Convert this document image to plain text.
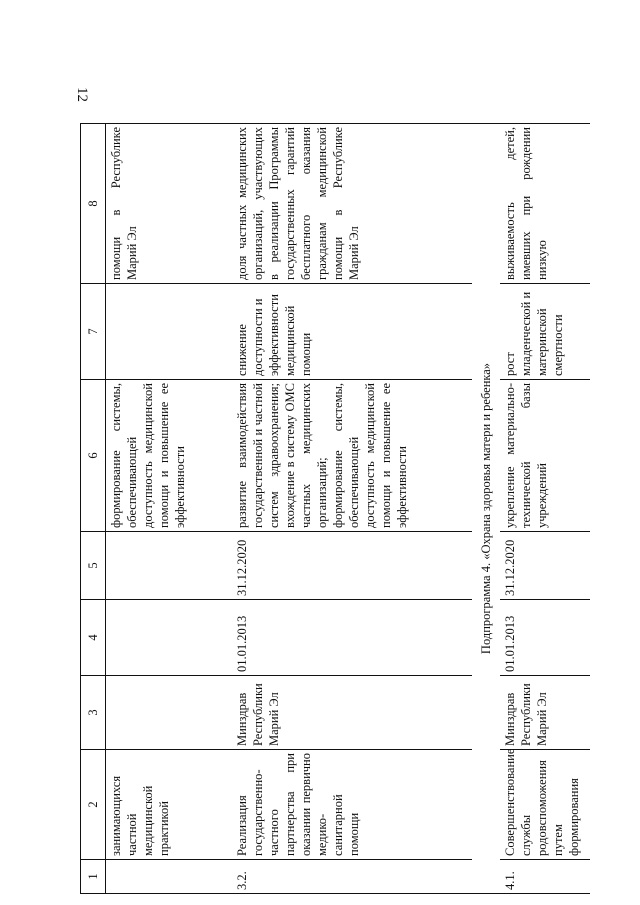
12
1	2	3	4	5	6	7	8
	занимающихся частной медицинской практикой				формирование системы, обеспечивающей доступность медицинской помощи и повышение ее эффективности		помощи в Республике Марий Эл
3.2.	Реализация государственно-частного партнерства при оказании первично медико-санитарной помощи	Минздрав Республики Марий Эл	01.01.2013	31.12.2020	развитие взаимодействия государственной и частной систем здравоохранения; вхождение в систему ОМС частных медицинских организаций; формирование системы, обеспечивающей доступность медицинской помощи и повышение ее эффективности	снижение доступности и эффективности медицинской помощи	доля частных медицинских организаций, участвующих в реализации Программы государственных гарантий бесплатного оказания гражданам медицинской помощи в Республике Марий Эл
Подпрограмма 4. «Охрана здоровья матери и ребенка»							
4.1.	Совершенствование службы родовспоможения путем формирования	Минздрав Республики Марий Эл	01.01.2013	31.12.2020	укрепление материально-технической базы учреждений	рост младенческой и материнской смертности	выживаемость детей, имевших при рождении низкую
